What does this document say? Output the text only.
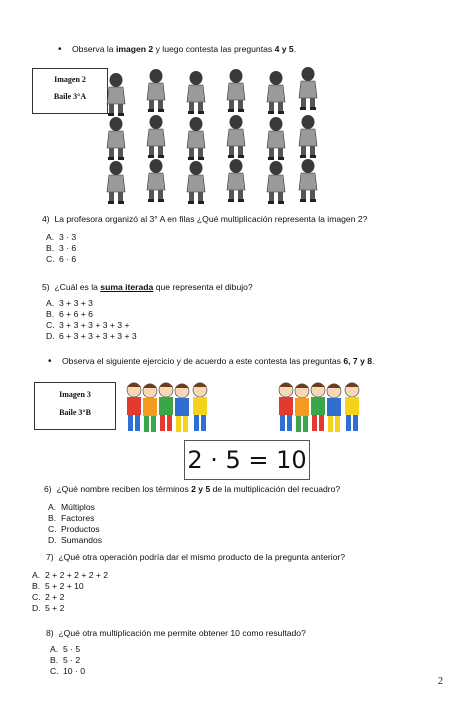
• Observa la imagen 2 y luego contesta las preguntas 4 y 5.
Imagen 2
Baile 3°A
4) La profesora organizó al 3° A en filas ¿Qué multiplicación representa la imagen 2?
A. 3 · 3
B. 3 · 6
C. 6 · 6
5) ¿Cuál es la suma iterada que representa el dibujo?
A. 3 + 3 + 3
B. 6 + 6 + 6
C. 3 + 3 + 3 + 3 + 3 +
D. 6 + 3 + 3 + 3 + 3 + 3
• Observa el siguiente ejercicio y de acuerdo a este contesta las preguntas 6, 7 y 8.
Imagen 3
Baile 3°B
2 · 5 = 10
6) ¿Qué nombre reciben los términos 2 y 5 de la multiplicación del recuadro?
A. Múltiplos
B. Factores
C. Productos
D. Sumandos
7) ¿Qué otra operación podría dar el mismo producto de la pregunta anterior?
A. 2 + 2 + 2 + 2 + 2
B. 5 + 2 + 10
C. 2 + 2
D. 5 + 2
8) ¿Qué otra multiplicación me permite obtener 10 como resultado?
A. 5 · 5
B. 5 · 2
C. 10 · 0
2
